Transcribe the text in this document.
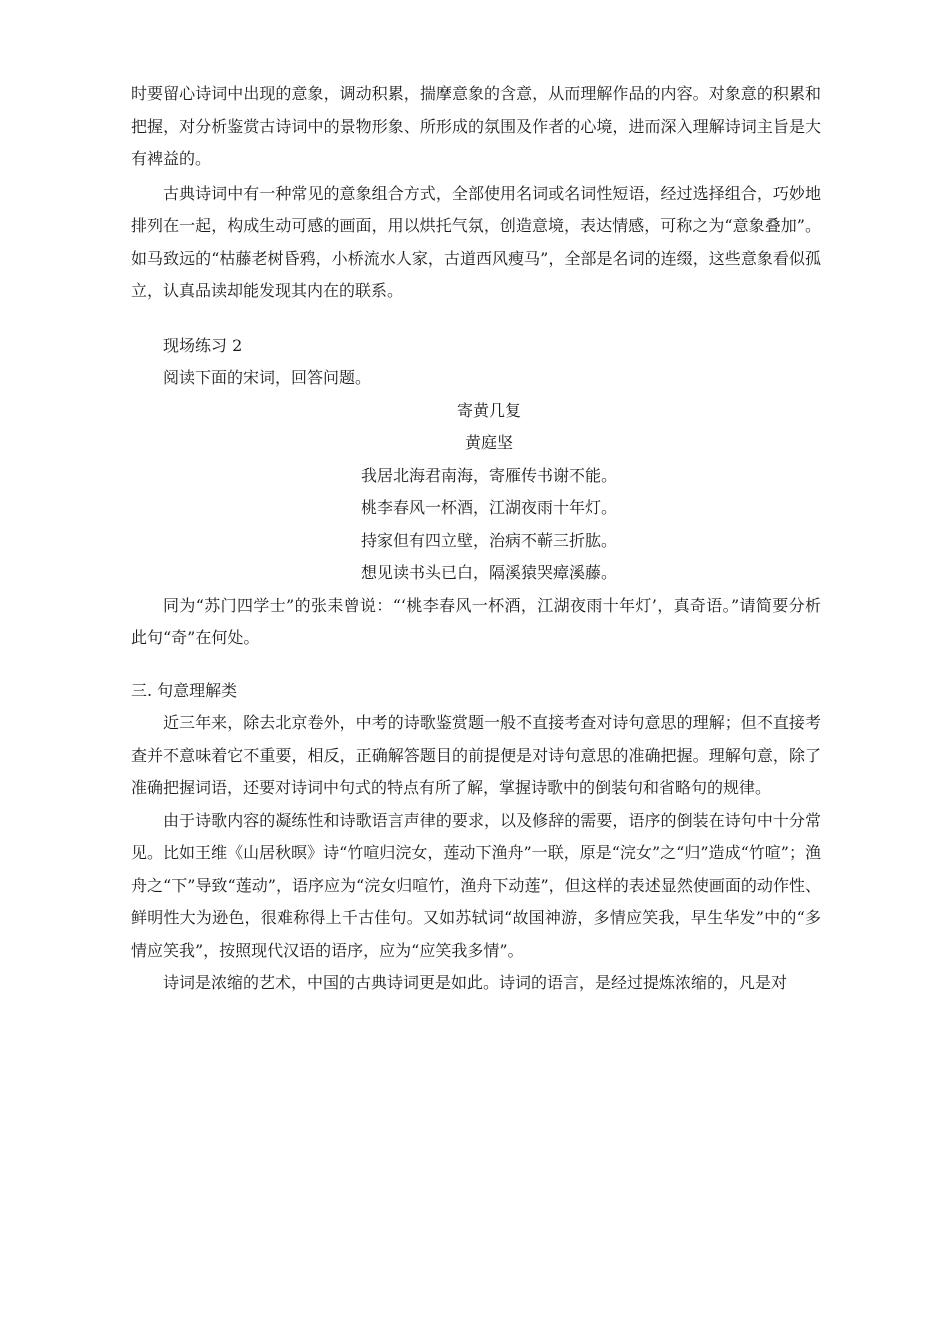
时要留心诗词中出现的意象，调动积累，揣摩意象的含意，从而理解作品的内容。对象意的积累和把握，对分析鉴赏古诗词中的景物形象、所形成的氛围及作者的心境，进而深入理解诗词主旨是大有裨益的。

古典诗词中有一种常见的意象组合方式，全部使用名词或名词性短语，经过选择组合，巧妙地排列在一起，构成生动可感的画面，用以烘托气氛，创造意境，表达情感，可称之为“意象叠加”。如马致远的“枯藤老树昏鸦，小桥流水人家，古道西风瘦马”，全部是名词的连缀，这些意象看似孤立，认真品读却能发现其内在的联系。

现场练习 2

阅读下面的宋词，回答问题。

寄黄几复

黄庭坚

我居北海君南海，寄雁传书谢不能。

桃李春风一杯酒，江湖夜雨十年灯。

持家但有四立壁，治病不蕲三折肱。

想见读书头已白，隔溪猿哭瘴溪藤。

同为“苏门四学士”的张耒曾说：“‘桃李春风一杯酒，江湖夜雨十年灯’，真奇语。”请简要分析此句“奇”在何处。

三. 句意理解类

近三年来，除去北京卷外，中考的诗歌鉴赏题一般不直接考查对诗句意思的理解；但不直接考查并不意味着它不重要，相反，正确解答题目的前提便是对诗句意思的准确把握。理解句意，除了准确把握词语，还要对诗词中句式的特点有所了解，掌握诗歌中的倒装句和省略句的规律。

由于诗歌内容的凝练性和诗歌语言声律的要求，以及修辞的需要，语序的倒装在诗句中十分常见。比如王维《山居秋暝》诗“竹喧归浣女，莲动下渔舟”一联，原是“浣女”之“归”造成“竹喧”；渔舟之“下”导致“莲动”，语序应为“浣女归喧竹，渔舟下动莲”，但这样的表述显然使画面的动作性、鲜明性大为逊色，很难称得上千古佳句。又如苏轼词“故国神游，多情应笑我，早生华发”中的“多情应笑我”，按照现代汉语的语序，应为“应笑我多情”。

诗词是浓缩的艺术，中国的古典诗词更是如此。诗词的语言，是经过提炼浓缩的，凡是对
